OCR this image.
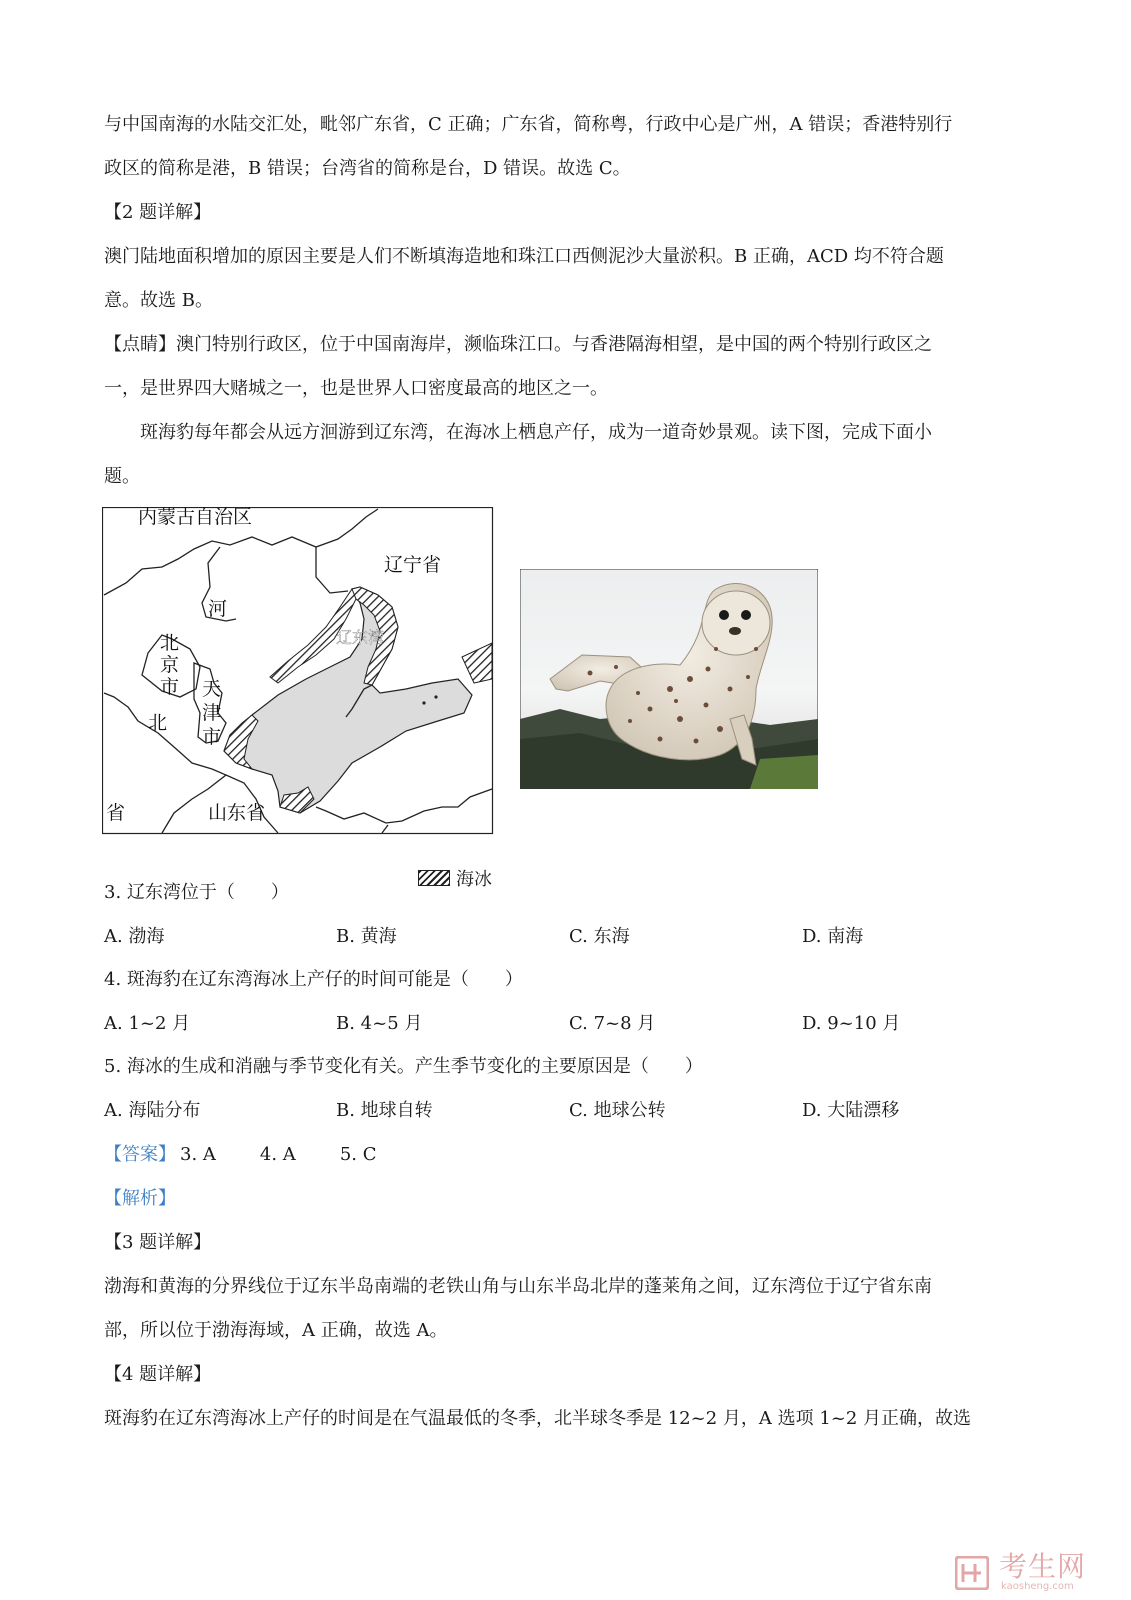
与中国南海的水陆交汇处，毗邻广东省，C 正确；广东省，简称粤，行政中心是广州，A 错误；香港特别行
政区的简称是港，B 错误；台湾省的简称是台，D 错误。故选 C。
【2 题详解】
澳门陆地面积增加的原因主要是人们不断填海造地和珠江口西侧泥沙大量淤积。B 正确，ACD 均不符合题
意。故选 B。
【点睛】澳门特别行政区，位于中国南海岸，濒临珠江口。与香港隔海相望，是中国的两个特别行政区之
一，是世界四大赌城之一，也是世界人口密度最高的地区之一。
斑海豹每年都会从远方洄游到辽东湾，在海冰上栖息产仔，成为一道奇妙景观。读下图，完成下面小
题。
内蒙古自治区
辽宁省
河
北
省
北
京
市 天
津
市
山东省
辽东湾
海冰
3. 辽东湾位于（　　）
A. 渤海	B. 黄海	C. 东海	D. 南海
4. 斑海豹在辽东湾海冰上产仔的时间可能是（　　）
A. 1~2 月	B. 4~5 月	C. 7~8 月	D. 9~10 月
5. 海冰的生成和消融与季节变化有关。产生季节变化的主要原因是（　　）
A. 海陆分布	B. 地球自转	C. 地球公转	D. 大陆漂移
【答案】 3. A 4. A 5. C
【解析】
【3 题详解】
渤海和黄海的分界线位于辽东半岛南端的老铁山角与山东半岛北岸的蓬莱角之间，辽东湾位于辽宁省东南
部，所以位于渤海海域，A 正确，故选 A。
【4 题详解】
斑海豹在辽东湾海冰上产仔的时间是在气温最低的冬季，北半球冬季是 12~2 月，A 选项 1~2 月正确，故选
考生网
kaosheng.com
